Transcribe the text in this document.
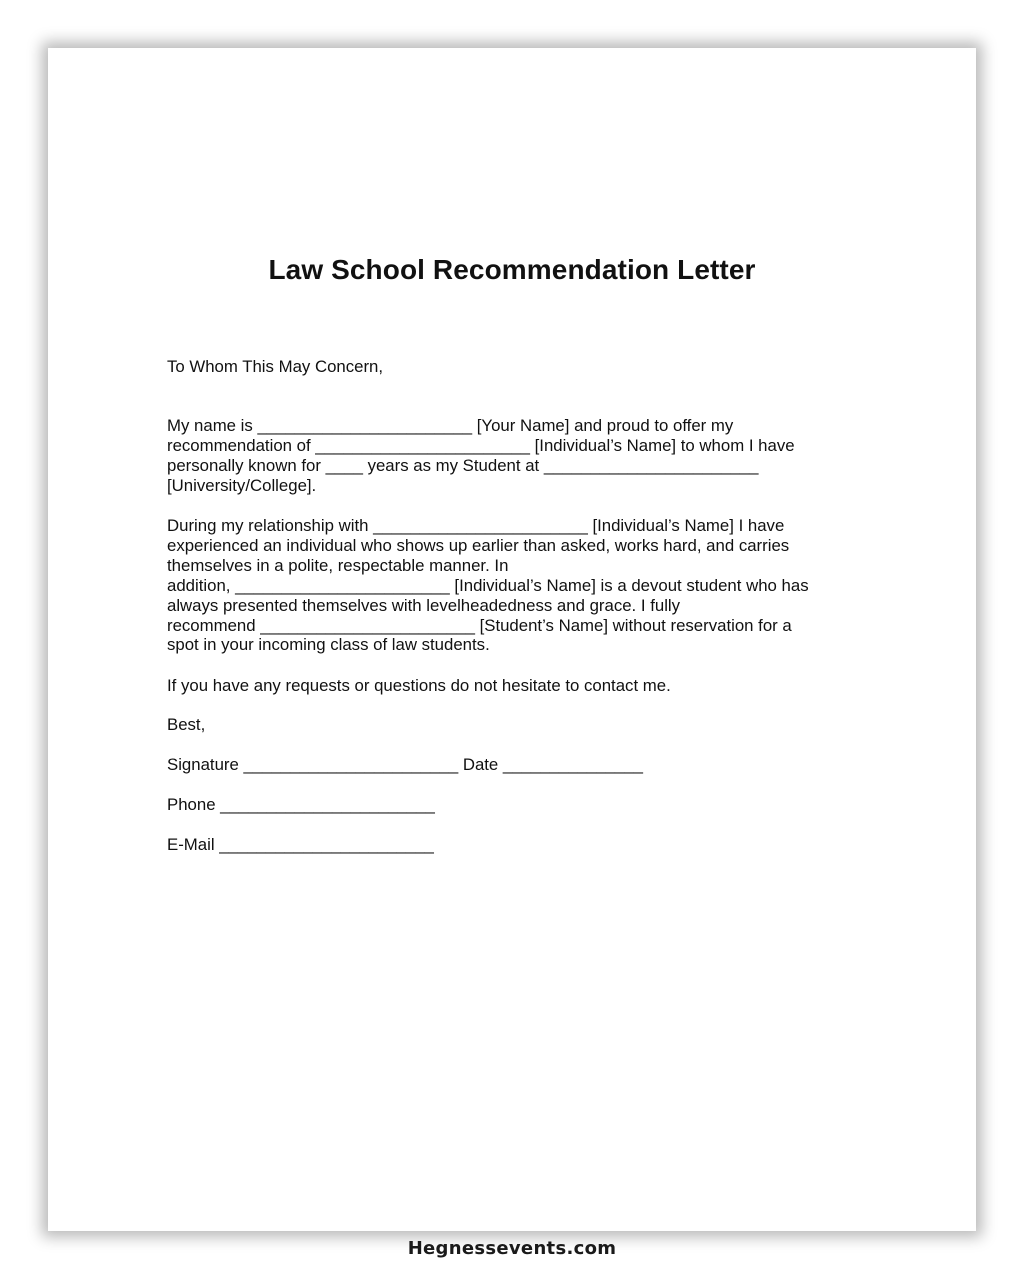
Law School Recommendation Letter

To Whom This May Concern,

My name is _______________________ [Your Name] and proud to offer my
recommendation of _______________________ [Individual’s Name] to whom I have
personally known for ____ years as my Student at _______________________
[University/College].

During my relationship with _______________________ [Individual’s Name] I have
experienced an individual who shows up earlier than asked, works hard, and carries
themselves in a polite, respectable manner. In
addition, _______________________ [Individual’s Name] is a devout student who has
always presented themselves with levelheadedness and grace. I fully
recommend _______________________ [Student’s Name] without reservation for a
spot in your incoming class of law students.

If you have any requests or questions do not hesitate to contact me.

Best,

Signature _______________________ Date _______________

Phone _______________________

E-Mail _______________________

Hegnessevents.com
